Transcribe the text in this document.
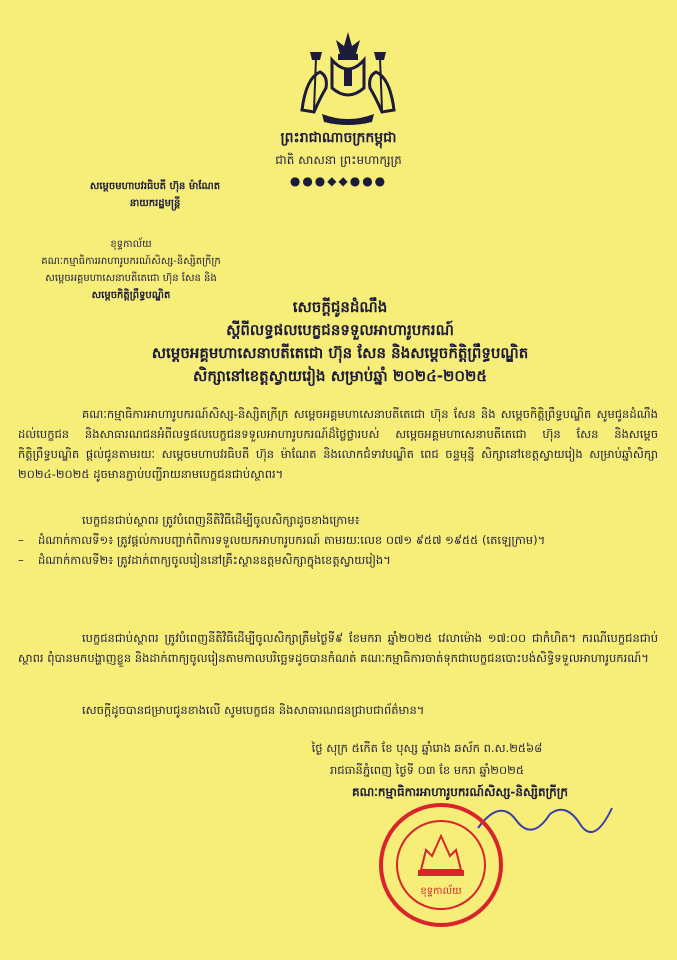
ព្រះរាជាណាចក្រកម្ពុជា
ជាតិ សាសនា ព្រះមហាក្សត្រ
●●●◆◆●●●
សម្តេចមហាបវរធិបតី ហ៊ុន ម៉ាណែត
នាយករដ្ឋមន្ត្រី
ខុទ្ទកាល័យ
គណៈកម្មាធិការអាហារូបករណ៍សិស្ស-និស្សិតក្រីក្រ
សម្តេចអគ្គមហាសេនាបតីតេជោ ហ៊ុន សែន និង
សម្តេចកិត្តិព្រឹទ្ធបណ្ឌិត
សេចក្តីជូនដំណឹង
ស្តីពីលទ្ធផលបេក្ខជនទទួលអាហារូបករណ៍
សម្តេចអគ្គមហាសេនាបតីតេជោ ហ៊ុន សែន និងសម្តេចកិត្តិព្រឹទ្ធបណ្ឌិត
សិក្សានៅខេត្តស្វាយរៀង សម្រាប់ឆ្នាំ ២០២៤-២០២៥
គណៈកម្មាធិការអាហារូបករណ៍សិស្ស-និស្សិតក្រីក្រ សម្តេចអគ្គមហាសេនាបតីតេជោ ហ៊ុន សែន និង សម្តេចកិត្តិព្រឹទ្ធបណ្ឌិត សូមជូនដំណឹងដល់បេក្ខជន និងសាធារណជនអំពីលទ្ធផលបេក្ខជនទទួលអាហារូបករណ៍ដ៏ថ្លៃថ្លារបស់ សម្តេចអគ្គមហាសេនាបតីតេជោ ហ៊ុន សែន និងសម្តេចកិត្តិព្រឹទ្ធបណ្ឌិត ផ្តល់ជូនតាមរយៈ សម្តេចមហាបវរធិបតី ហ៊ុន ម៉ាណែត និងលោកជំទាវបណ្ឌិត ពេជ ចន្ទមុន្នី សិក្សានៅខេត្តស្វាយរៀង សម្រាប់ឆ្នាំសិក្សា ២០២៤-២០២៥ ដូចមានភ្ជាប់បញ្ជីរាយនាមបេក្ខជនជាប់ស្ថាពរ។
បេក្ខជនជាប់ស្ថាពរ ត្រូវបំពេញនីតិវិធីដើម្បីចូលសិក្សាដូចខាងក្រោម៖
– ដំណាក់កាលទី១៖ ត្រូវផ្តល់ការបញ្ជាក់ពីការទទួលយកអាហារូបករណ៍ តាមរយៈលេខ ០៧១ ៩៥៧ ១៩៥៥ (តេឡេក្រាម)។
– ដំណាក់កាលទី២៖ ត្រូវដាក់ពាក្យចូលរៀននៅគ្រឹះស្ថានឧត្តមសិក្សាក្នុងខេត្តស្វាយរៀង។
បេក្ខជនជាប់ស្ថាពរ ត្រូវបំពេញនីតិវិធីដើម្បីចូលសិក្សាត្រឹមថ្ងៃទី៩ ខែមករា ឆ្នាំ២០២៥ វេលាម៉ោង ១៧:០០ ជាកំហិត។ ករណីបេក្ខជនជាប់ស្ថាពរ ពុំបានមកបង្ហាញខ្លួន និងដាក់ពាក្យចូលរៀនតាមកាលបរិច្ឆេទដូចបានកំណត់ គណៈកម្មាធិការចាត់ទុកជាបេក្ខជនបោះបង់សិទ្ធិទទួលអាហារូបករណ៍។
សេចក្តីដូចបានជម្រាបជូនខាងលើ សូមបេក្ខជន និងសាធារណជនជ្រាបជាព័ត៌មាន។
ថ្ងៃ សុក្រ ៥កើត ខែ បុស្ស ឆ្នាំរោង ឆស័ក ព.ស.២៥៦៨
រាជធានីភ្នំពេញ ថ្ងៃទី ០៣ ខែ មករា ឆ្នាំ២០២៥
គណៈកម្មាធិការអាហារូបករណ៍សិស្ស-និស្សិតក្រីក្រ
ខុទ្ទកាល័យ
